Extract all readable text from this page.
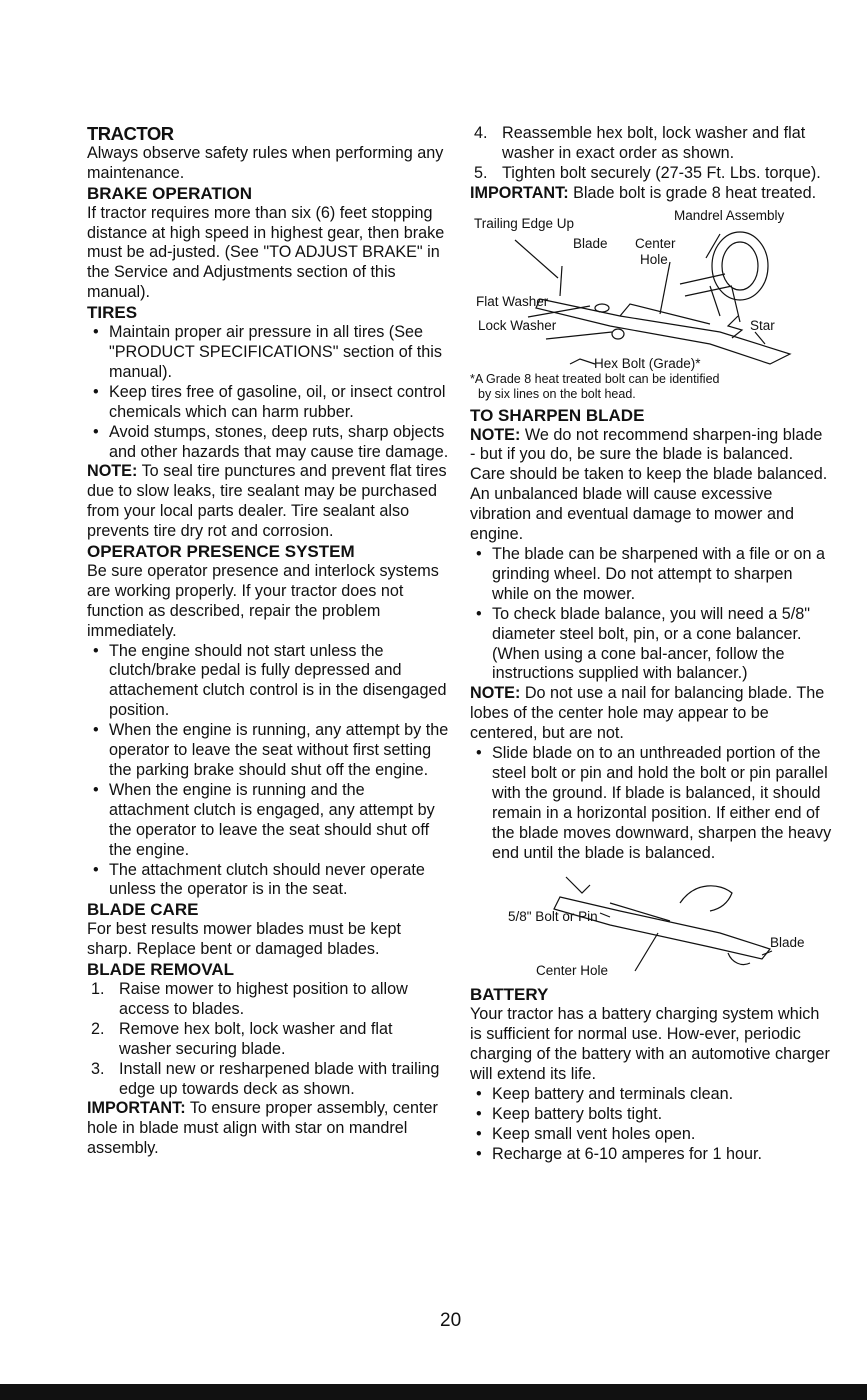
TRACTOR

Always observe safety rules when performing any maintenance.

BRAKE OPERATION

If tractor requires more than six (6) feet stopping distance at high speed in highest gear, then brake must be ad-justed. (See "TO ADJUST BRAKE" in the Service and Adjustments section of this manual).

TIRES

• Maintain proper air pressure in all tires (See "PRODUCT SPECIFICATIONS" section of this manual).
• Keep tires free of gasoline, oil, or insect control chemicals which can harm rubber.
• Avoid stumps, stones, deep ruts, sharp objects and other hazards that may cause tire damage.

NOTE: To seal tire punctures and prevent flat tires due to slow leaks, tire sealant may be purchased from your local parts dealer. Tire sealant also prevents tire dry rot and corrosion.

OPERATOR PRESENCE SYSTEM

Be sure operator presence and interlock systems are working properly. If your tractor does not function as described, repair the problem immediately.

• The engine should not start unless the clutch/brake pedal is fully depressed and attachement clutch control is in the disengaged position.
• When the engine is running, any attempt by the operator to leave the seat without first setting the parking brake should shut off the engine.
• When the engine is running and the attachment clutch is engaged, any attempt by the operator to leave the seat should shut off the engine.
• The attachment clutch should never operate unless the operator is in the seat.

BLADE CARE

For best results mower blades must be kept sharp. Replace bent or damaged blades.

BLADE REMOVAL

1. Raise mower to highest position to allow access to blades.
2. Remove hex bolt, lock washer and flat washer securing blade.
3. Install new or resharpened blade with trailing edge up towards deck as shown.

IMPORTANT: To ensure proper assembly, center hole in blade must align with star on mandrel assembly.

4. Reassemble hex bolt, lock washer and flat washer in exact order as shown.
5. Tighten bolt securely (27-35 Ft. Lbs. torque).

IMPORTANT: Blade bolt is grade 8 heat treated.

Trailing Edge Up
Mandrel Assembly
Blade Center
Hole
Flat Washer
Lock Washer	Star
Hex Bolt (Grade)*
*A Grade 8 heat treated bolt can be identified
by six lines on the bolt head.

TO SHARPEN BLADE

NOTE: We do not recommend sharpen-ing blade - but if you do, be sure the blade is balanced.

Care should be taken to keep the blade balanced. An unbalanced blade will cause excessive vibration and eventual damage to mower and engine.

• The blade can be sharpened with a file or on a grinding wheel. Do not attempt to sharpen while on the mower.
• To check blade balance, you will need a 5/8" diameter steel bolt, pin, or a cone balancer. (When using a cone bal-ancer, follow the instructions supplied with balancer.)

NOTE: Do not use a nail for balancing blade. The lobes of the center hole may appear to be centered, but are not.

• Slide blade on to an unthreaded portion of the steel bolt or pin and hold the bolt or pin parallel with the ground. If blade is balanced, it should remain in a horizontal position. If either end of the blade moves downward, sharpen the heavy end until the blade is balanced.
5/8" Bolt or Pin
Blade
Center Hole

BATTERY

Your tractor has a battery charging system which is sufficient for normal use. How-ever, periodic charging of the battery with an automotive charger will extend its life.

• Keep battery and terminals clean.
• Keep battery bolts tight.
• Keep small vent holes open.
• Recharge at 6-10 amperes for 1 hour.
20
